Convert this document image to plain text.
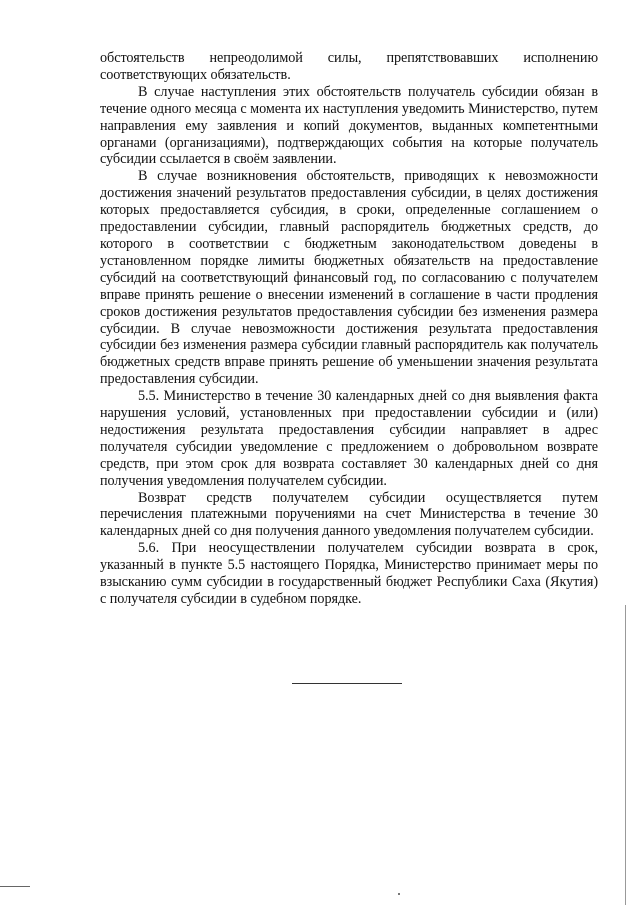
обстоятельств непреодолимой силы, препятствовавших исполнению соответствующих обязательств.

В случае наступления этих обстоятельств получатель субсидии обязан в течение одного месяца с момента их наступления уведомить Министерство, путем направления ему заявления и копий документов, выданных компетентными органами (организациями), подтверждающих события на которые получатель субсидии ссылается в своём заявлении.

В случае возникновения обстоятельств, приводящих к невозможности достижения значений результатов предоставления субсидии, в целях достижения которых предоставляется субсидия, в сроки, определенные соглашением о предоставлении субсидии, главный распорядитель бюджетных средств, до которого в соответствии с бюджетным законодательством доведены в установленном порядке лимиты бюджетных обязательств на предоставление субсидий на соответствующий финансовый год, по согласованию с получателем вправе принять решение о внесении изменений в соглашение в части продления сроков достижения результатов предоставления субсидии без изменения размера субсидии. В случае невозможности достижения результата предоставления субсидии без изменения размера субсидии главный распорядитель как получатель бюджетных средств вправе принять решение об уменьшении значения результата предоставления субсидии.

5.5. Министерство в течение 30 календарных дней со дня выявления факта нарушения условий, установленных при предоставлении субсидии и (или) недостижения результата предоставления субсидии направляет в адрес получателя субсидии уведомление с предложением о добровольном возврате средств, при этом срок для возврата составляет 30 календарных дней со дня получения уведомления получателем субсидии.

Возврат средств получателем субсидии осуществляется путем перечисления платежными поручениями на счет Министерства в течение 30 календарных дней со дня получения данного уведомления получателем субсидии.

5.6. При неосуществлении получателем субсидии возврата в срок, указанный в пункте 5.5 настоящего Порядка, Министерство принимает меры по взысканию сумм субсидии в государственный бюджет Республики Саха (Якутия) с получателя субсидии в судебном порядке.
